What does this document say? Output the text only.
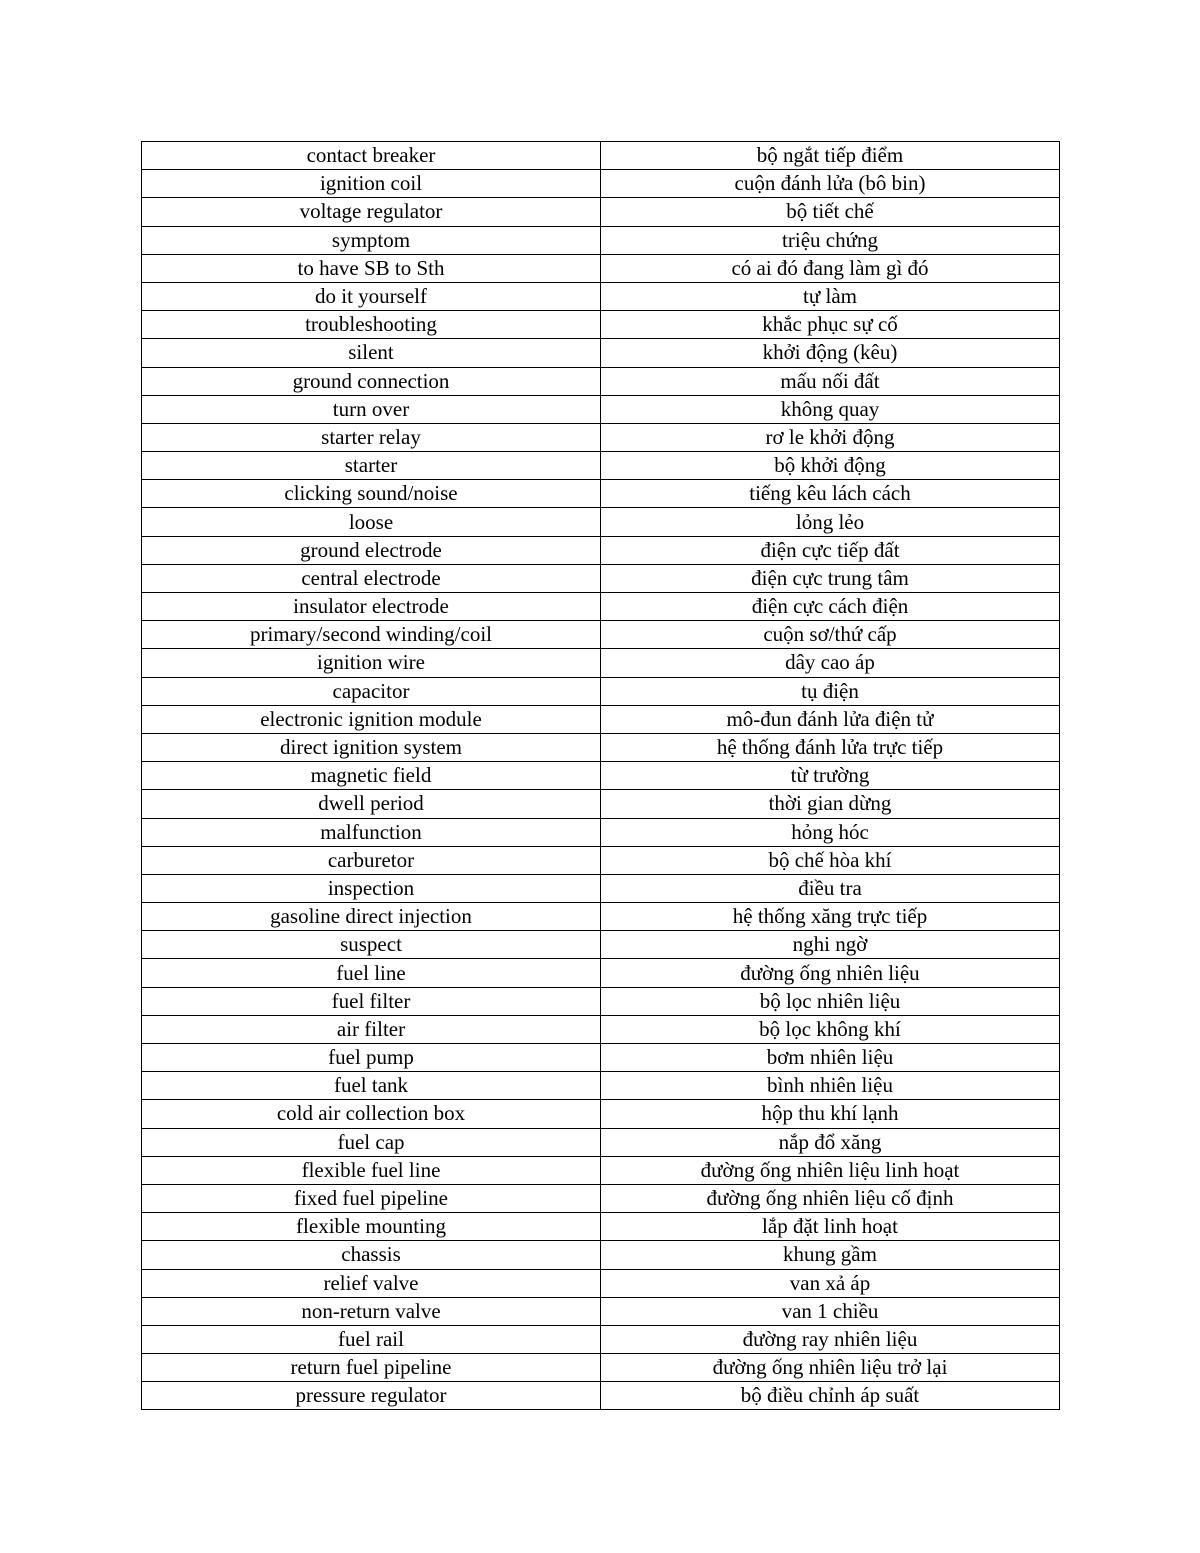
contact breaker	bộ ngắt tiếp điểm
ignition coil	cuộn đánh lửa (bô bin)
voltage regulator	bộ tiết chế
symptom	triệu chứng
to have SB to Sth	có ai đó đang làm gì đó
do it yourself	tự làm
troubleshooting	khắc phục sự cố
silent	khởi động (kêu)
ground connection	mấu nối đất
turn over	không quay
starter relay	rơ le khởi động
starter	bộ khởi động
clicking sound/noise	tiếng kêu lách cách
loose	lỏng lẻo
ground electrode	điện cực tiếp đất
central electrode	điện cực trung tâm
insulator electrode	điện cực cách điện
primary/second winding/coil	cuộn sơ/thứ cấp
ignition wire	dây cao áp
capacitor	tụ điện
electronic ignition module	mô-đun đánh lửa điện tử
direct ignition system	hệ thống đánh lửa trực tiếp
magnetic field	từ trường
dwell period	thời gian dừng
malfunction	hỏng hóc
carburetor	bộ chế hòa khí
inspection	điều tra
gasoline direct injection	hệ thống xăng trực tiếp
suspect	nghi ngờ
fuel line	đường ống nhiên liệu
fuel filter	bộ lọc nhiên liệu
air filter	bộ lọc không khí
fuel pump	bơm nhiên liệu
fuel tank	bình nhiên liệu
cold air collection box	hộp thu khí lạnh
fuel cap	nắp đổ xăng
flexible fuel line	đường ống nhiên liệu linh hoạt
fixed fuel pipeline	đường ống nhiên liệu cố định
flexible mounting	lắp đặt linh hoạt
chassis	khung gầm
relief valve	van xả áp
non-return valve	van 1 chiều
fuel rail	đường ray nhiên liệu
return fuel pipeline	đường ống nhiên liệu trở lại
pressure regulator	bộ điều chỉnh áp suất
